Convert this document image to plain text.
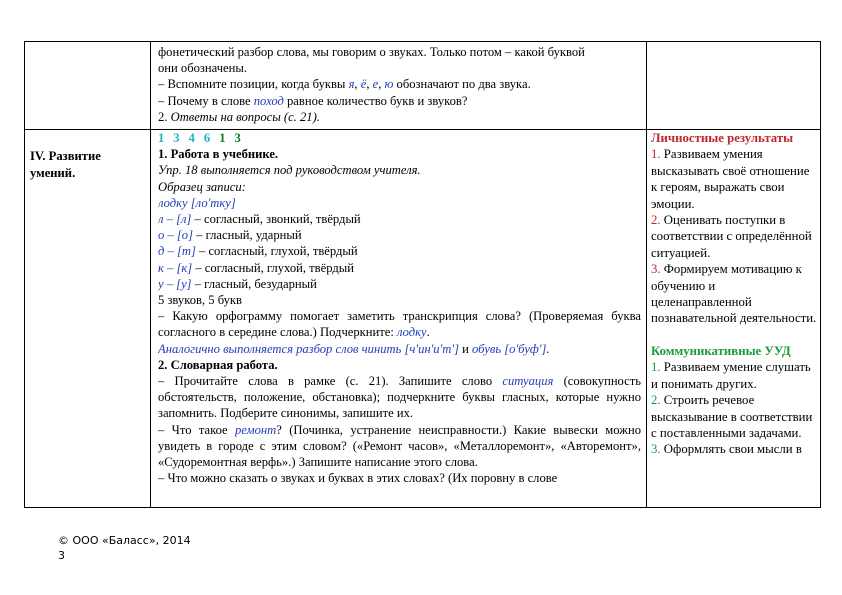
фонетический разбор слова, мы говорим о звуках. Только потом – какой буквой

они обозначены.

– Вспомните позиции, когда буквы я, ё, е, ю обозначают по два звука.

– Почему в слове поход равное количество букв и звуков?

2. Ответы на вопросы (с. 21).

IV. Развитие умений.

1 3 4 6 1 3

1. Работа в учебнике.

Упр. 18 выполняется под руководством учителя.

Образец записи:

лодку [ло'тку]

л – [л] – согласный, звонкий, твёрдый

о – [о] – гласный, ударный

д – [т] – согласный, глухой, твёрдый

к – [к] – согласный, глухой, твёрдый

у – [у] – гласный, безударный

5 звуков, 5 букв

– Какую орфограмму помогает заметить транскрипция слова? (Проверяемая буква согласного в середине слова.) Подчеркните: лодку.

Аналогично выполняется разбор слов чинить [ч'ин'и'т'] и обувь [о'буф'].

2. Словарная работа.

– Прочитайте слова в рамке (с. 21). Запишите слово ситуация (совокупность обстоятельств, положение, обстановка); подчеркните буквы гласных, которые нужно запомнить. Подберите синонимы, запишите их.

– Что такое ремонт? (Починка, устранение неисправности.) Какие вывески можно увидеть в городе с этим словом? («Ремонт часов», «Металлоремонт», «Авторемонт», «Судоремонтная верфь».) Запишите написание этого слова.

– Что можно сказать о звуках и буквах в этих словах? (Их поровну в слове

Личностные результаты

1. Развиваем умения высказывать своё отношение к героям, выражать свои эмоции.

2. Оценивать поступки в соответствии с определённой ситуацией.

3. Формируем мотивацию к обучению и целенаправленной познавательной деятельности.

Коммуникативные УУД

1. Развиваем умение слушать и понимать других.

2. Строить речевое высказывание в соответствии с поставленными задачами.

3. Оформлять свои мысли в

© ООО «Баласс», 2014
3
